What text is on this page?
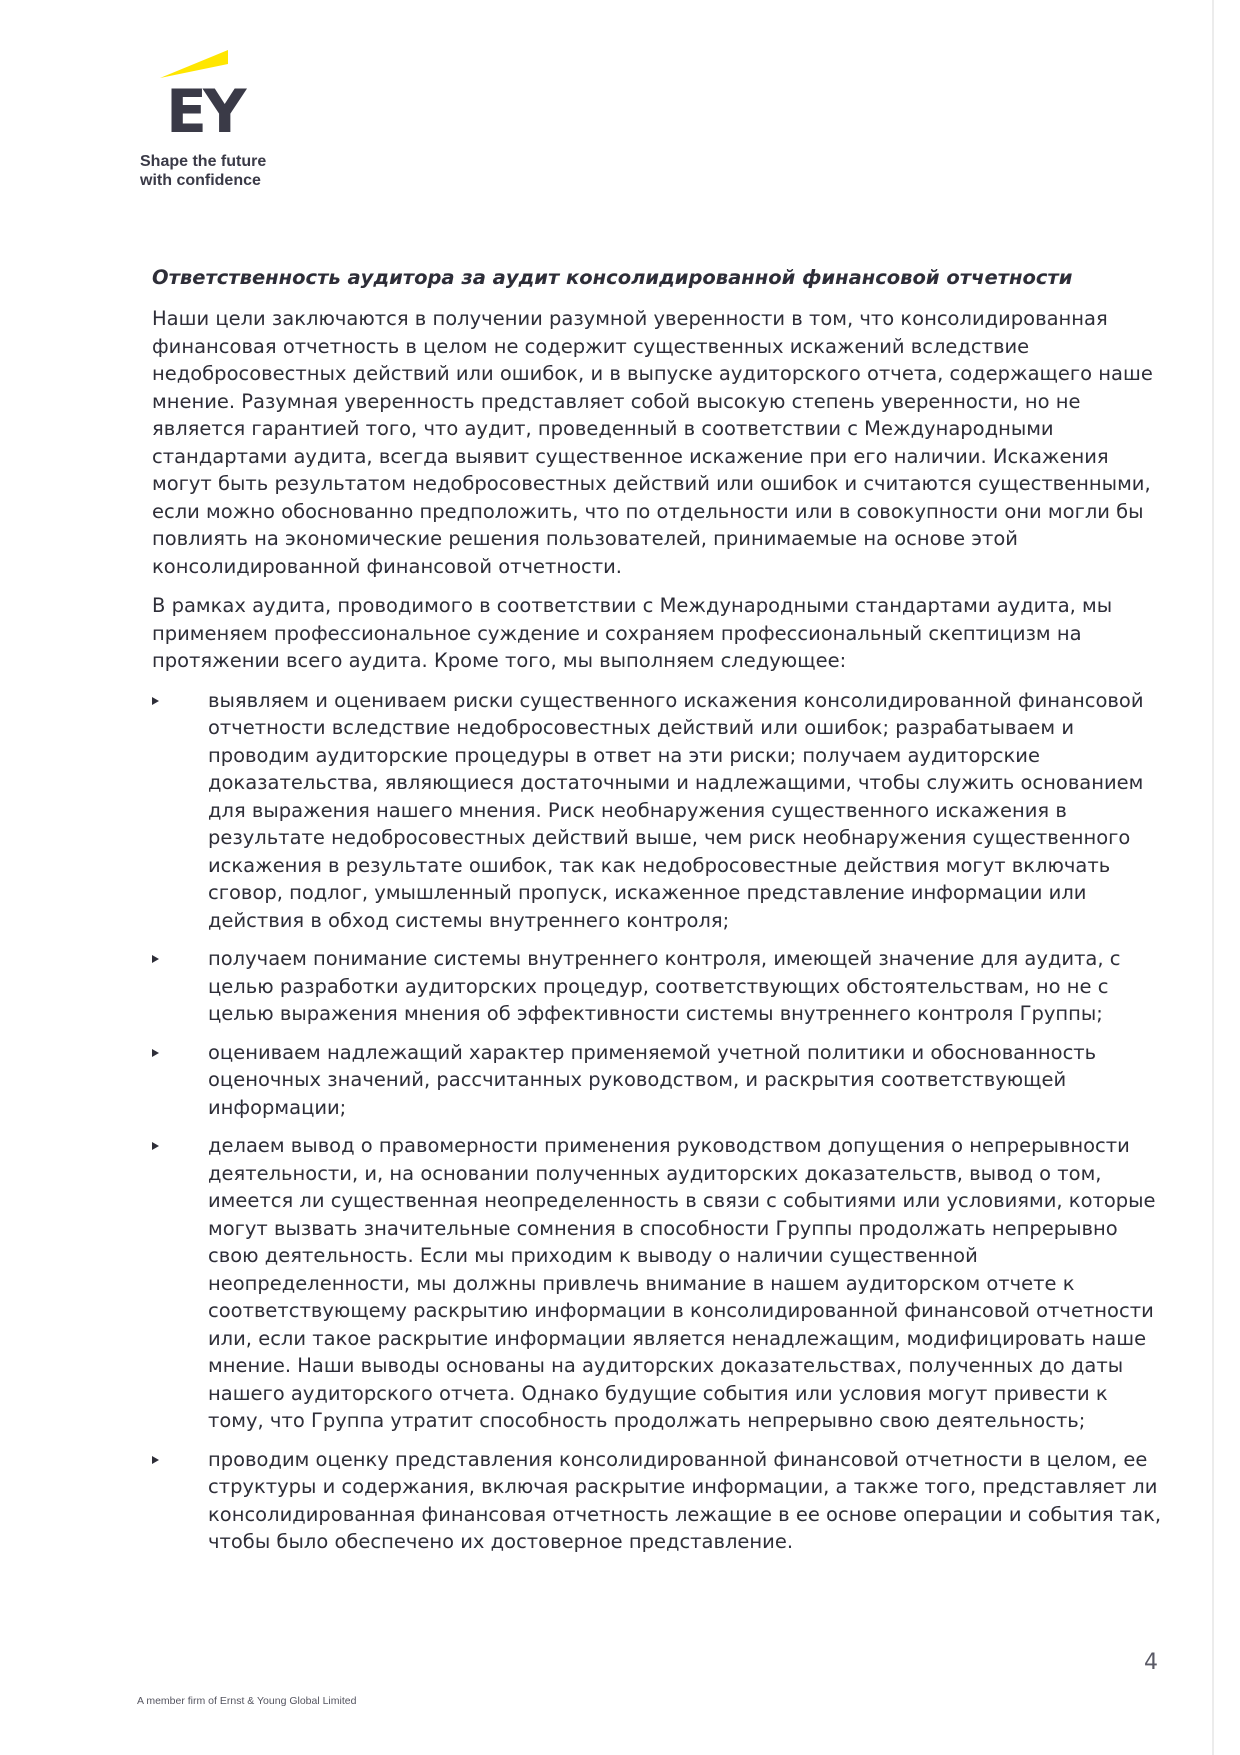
EY
Shape the future
with confidence
Ответственность аудитора за аудит консолидированной финансовой отчетности

Наши цели заключаются в получении разумной уверенности в том, что консолидированная финансовая отчетность в целом не содержит существенных искажений вследствие недобросовестных действий или ошибок, и в выпуске аудиторского отчета, содержащего наше мнение. Разумная уверенность представляет собой высокую степень уверенности, но не является гарантией того, что аудит, проведенный в соответствии с Международными стандартами аудита, всегда выявит существенное искажение при его наличии. Искажения могут быть результатом недобросовестных действий или ошибок и считаются существенными, если можно обоснованно предположить, что по отдельности или в совокупности они могли бы повлиять на экономические решения пользователей, принимаемые на основе этой консолидированной финансовой отчетности.

В рамках аудита, проводимого в соответствии с Международными стандартами аудита, мы применяем профессиональное суждение и сохраняем профессиональный скептицизм на протяжении всего аудита. Кроме того, мы выполняем следующее:

выявляем и оцениваем риски существенного искажения консолидированной финансовой отчетности вследствие недобросовестных действий или ошибок; разрабатываем и проводим аудиторские процедуры в ответ на эти риски; получаем аудиторские доказательства, являющиеся достаточными и надлежащими, чтобы служить основанием для выражения нашего мнения. Риск необнаружения существенного искажения в результате недобросовестных действий выше, чем риск необнаружения существенного искажения в результате ошибок, так как недобросовестные действия могут включать сговор, подлог, умышленный пропуск, искаженное представление информации или действия в обход системы внутреннего контроля;
получаем понимание системы внутреннего контроля, имеющей значение для аудита, с целью разработки аудиторских процедур, соответствующих обстоятельствам, но не с целью выражения мнения об эффективности системы внутреннего контроля Группы;
оцениваем надлежащий характер применяемой учетной политики и обоснованность оценочных значений, рассчитанных руководством, и раскрытия соответствующей информации;
делаем вывод о правомерности применения руководством допущения о непрерывности деятельности, и, на основании полученных аудиторских доказательств, вывод о том, имеется ли существенная неопределенность в связи с событиями или условиями, которые могут вызвать значительные сомнения в способности Группы продолжать непрерывно свою деятельность. Если мы приходим к выводу о наличии существенной неопределенности, мы должны привлечь внимание в нашем аудиторском отчете к соответствующему раскрытию информации в консолидированной финансовой отчетности или, если такое раскрытие информации является ненадлежащим, модифицировать наше мнение. Наши выводы основаны на аудиторских доказательствах, полученных до даты нашего аудиторского отчета. Однако будущие события или условия могут привести к тому, что Группа утратит способность продолжать непрерывно свою деятельность;
проводим оценку представления консолидированной финансовой отчетности в целом, ее структуры и содержания, включая раскрытие информации, а также того, представляет ли консолидированная финансовая отчетность лежащие в ее основе операции и события так, чтобы было обеспечено их достоверное представление.
4
A member firm of Ernst & Young Global Limited
